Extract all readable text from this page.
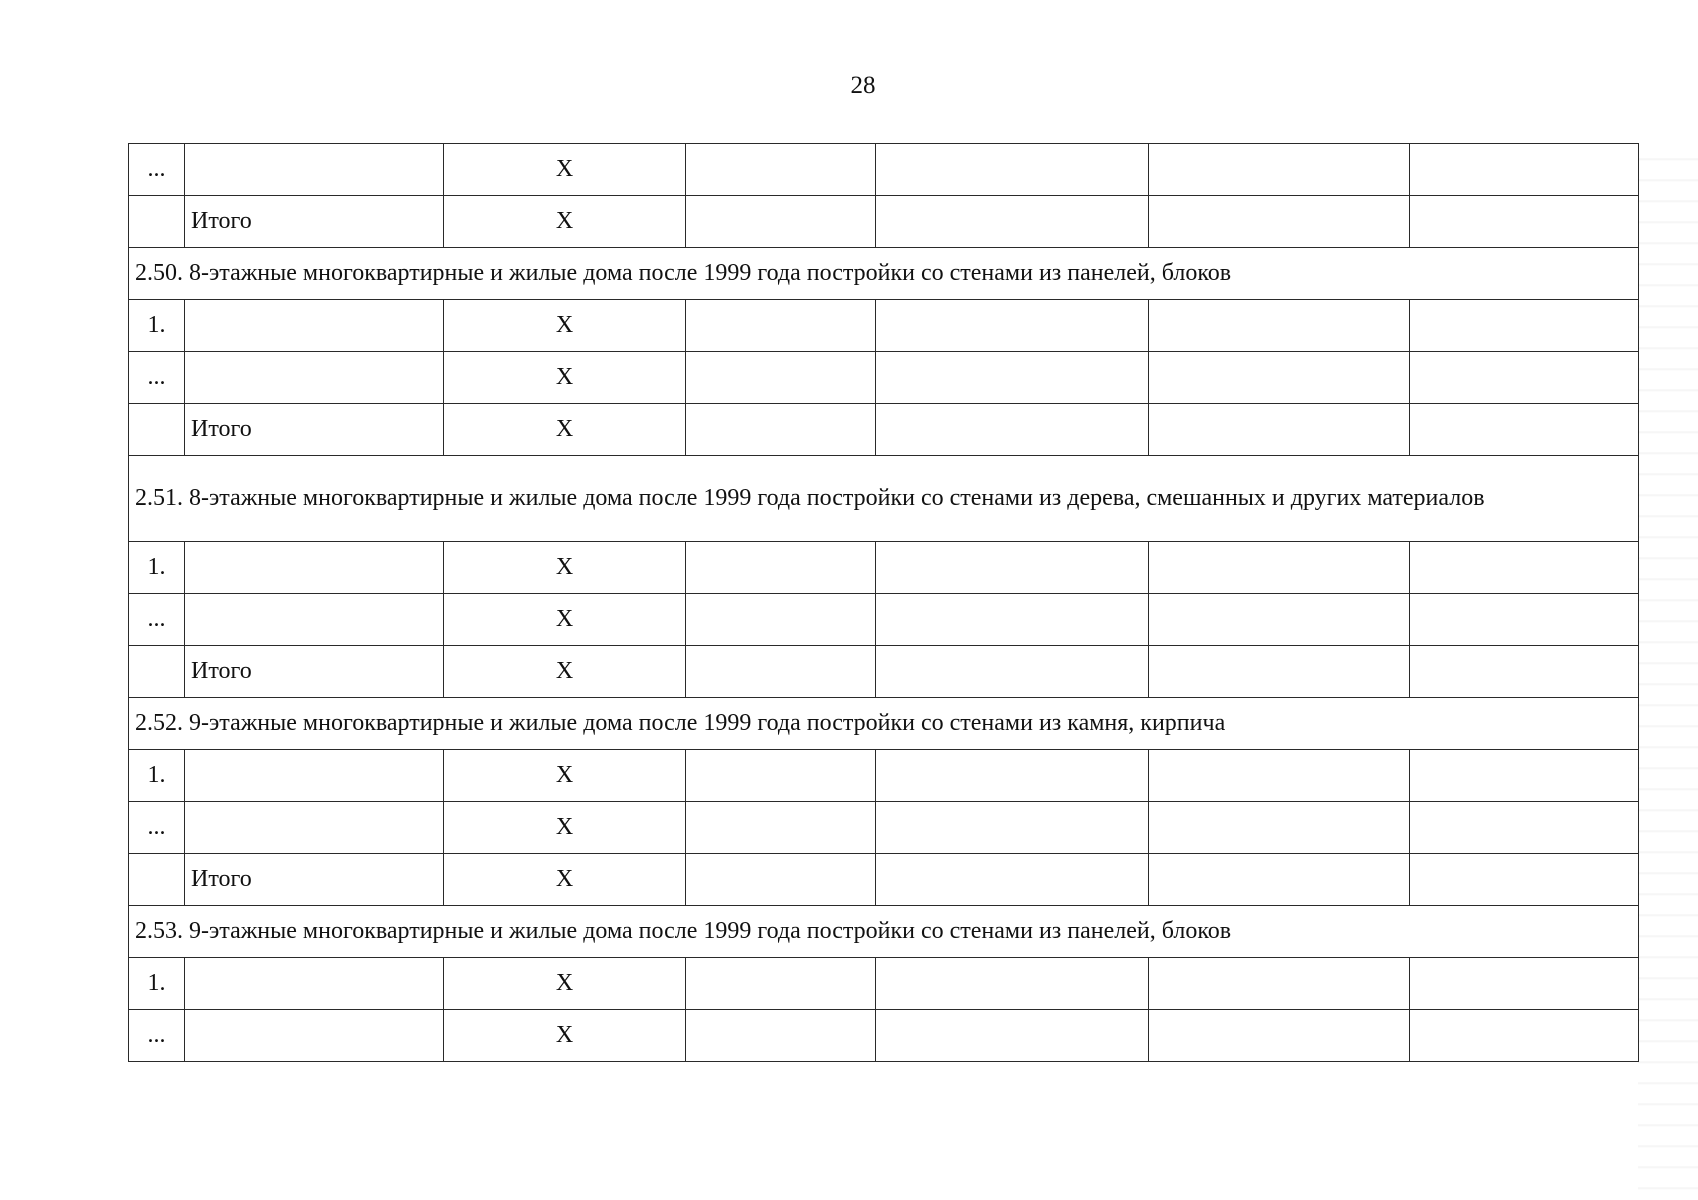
28
...		X				
	Итого	X				
2.50. 8-этажные многоквартирные и жилые дома после 1999 года постройки со стенами из панелей, блоков						
1.		X				
...		X				
	Итого	X				
2.51. 8-этажные многоквартирные и жилые дома после 1999 года постройки со стенами из дерева, смешанных и других материалов						
1.		X				
...		X				
	Итого	X				
2.52. 9-этажные многоквартирные и жилые дома после 1999 года постройки со стенами из камня, кирпича						
1.		X				
...		X				
	Итого	X				
2.53. 9-этажные многоквартирные и жилые дома после 1999 года постройки со стенами из панелей, блоков						
1.		X				
...		X				
